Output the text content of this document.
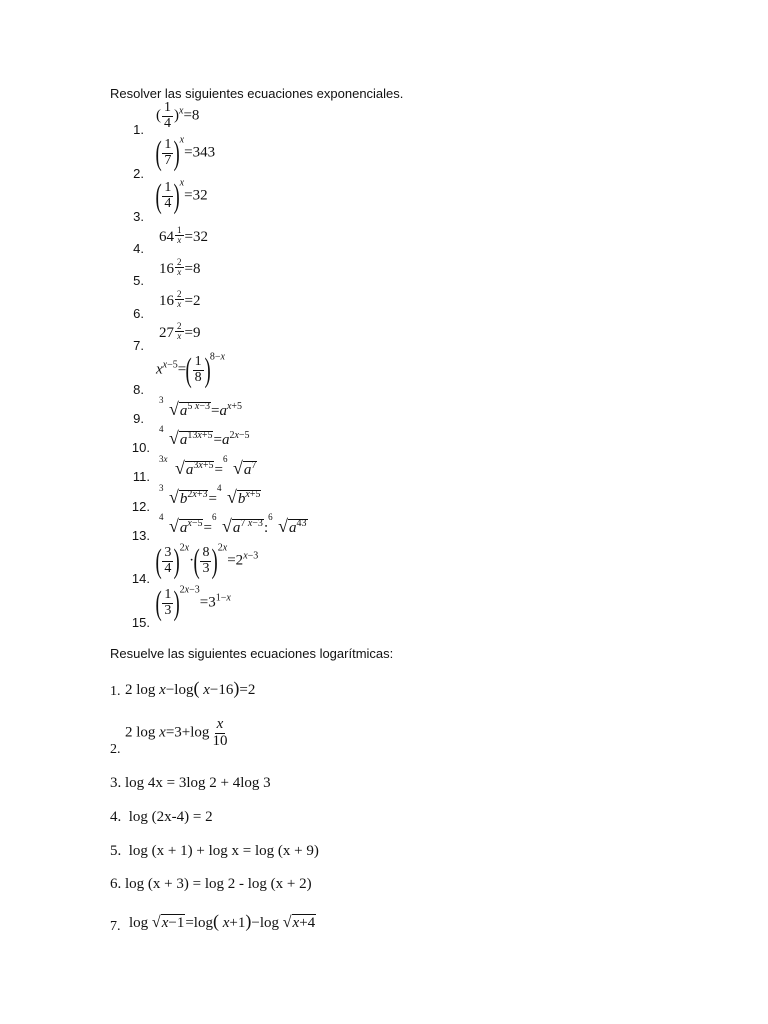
Resolver las siguientes ecuaciones exponenciales.
1.
2.
3.
4.
5.
6.
7.
8.
9.
10.
11.
12.
13.
14.
15.
( $\frac{1}{4} )^x=8$
( $\frac{1}{7} )^x=343$
( $\frac{1}{4} )^x=32$
$64 \frac{1}{x} =32$
$16 \frac{2}{x} =8$
$16 \frac{2}{x} =2$
$27 \frac{2}{x} =9$
$x^{x-5}=( \frac{1}{8} )^{8-x}$
3 $√a^{5 x-3}=a^{x+5}$
4 $√a^{13x+5}=a^{2x-5}$
3x $√a^{3x+5}=$
6 $√a^7$
3 $√b^{2x+3}=$
4 $√b^{x+5}$
4 $√a^{x-5}=$
6 $√a^{7 x-3}$:
6 $√a^{43}$
( $\frac{3}{4} )^{2x}\cdot( \frac{8}{3} )^{2x}=2^{x-3}$
( $\frac{1}{3} )^{2x-3}=3^{1-x}$
Resuelve las siguientes ecuaciones logarítmicas:
1. 2 log x−log( x−16)=2
2.
2 $\log x=3+\log \frac{x}{10}$
3. log 4x = 3log 2 + 4log 3
4.  log (2x-4) = 2
5.  log (x + 1) + log x = log (x + 9)
6. log (x + 3) = log 2 - log (x + 2)
7. log √x−1=log( x+1)−log √x+4
